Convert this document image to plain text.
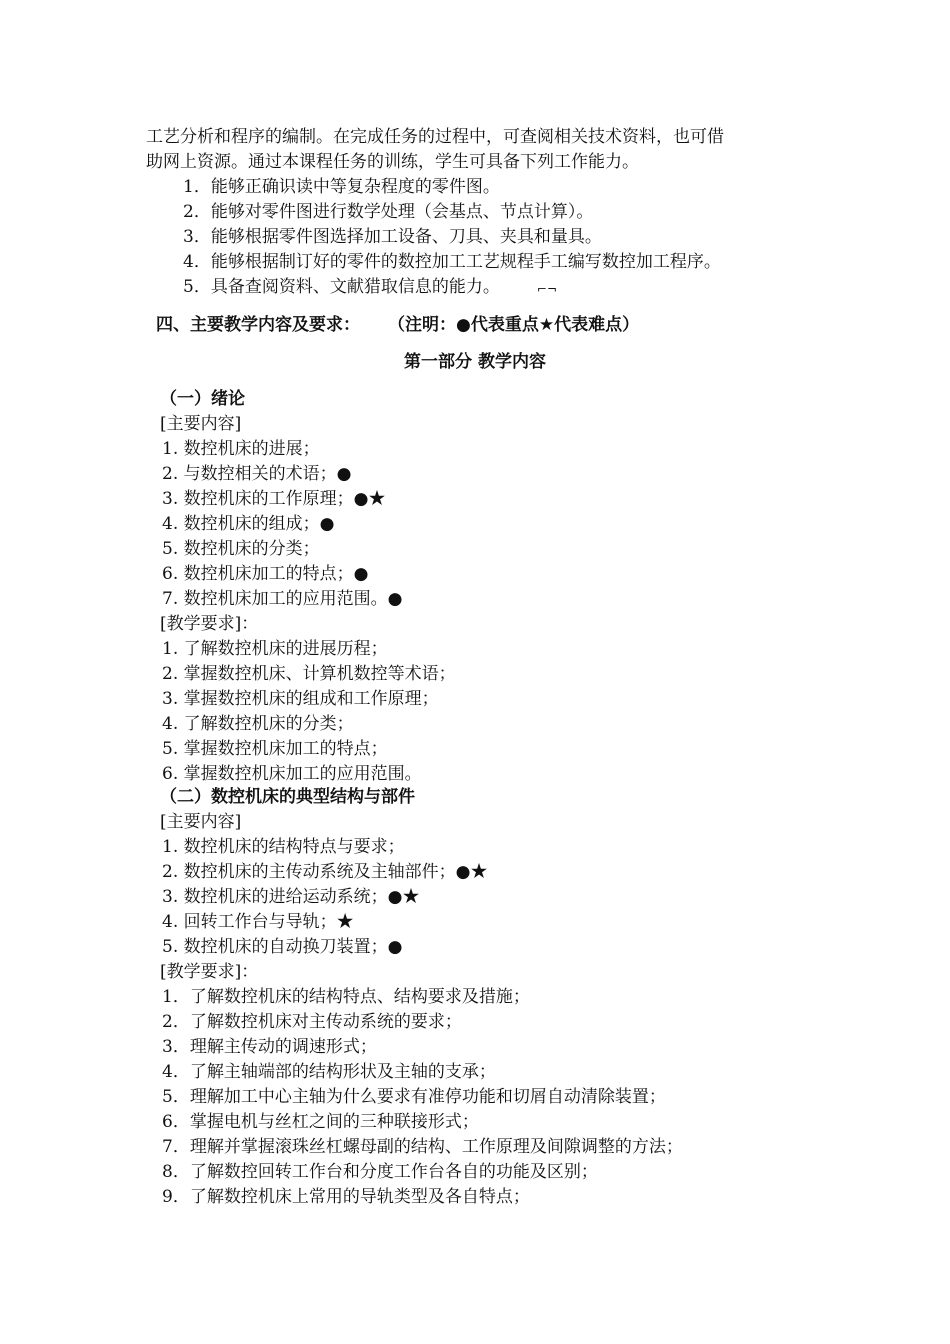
工艺分析和程序的编制。在完成任务的过程中，可查阅相关技术资料，也可借
助网上资源。通过本课程任务的训练，学生可具备下列工作能力。
1．能够正确识读中等复杂程度的零件图。
2．能够对零件图进行数学处理（会基点、节点计算）。
3．能够根据零件图选择加工设备、刀具、夹具和量具。
4．能够根据制订好的零件的数控加工工艺规程手工编写数控加工程序。
5．具备查阅资料、文献猎取信息的能力。	⌐¬
四、主要教学内容及要求： （注明：●代表重点★代表难点）
第一部分 教学内容
（一）绪论
[主要内容]
1. 数控机床的进展；
2. 与数控相关的术语；●
3. 数控机床的工作原理；●★
4. 数控机床的组成；●
5. 数控机床的分类；
6. 数控机床加工的特点；●
7. 数控机床加工的应用范围。●
[教学要求]：
1. 了解数控机床的进展历程；
2. 掌握数控机床、计算机数控等术语；
3. 掌握数控机床的组成和工作原理；
4. 了解数控机床的分类；
5. 掌握数控机床加工的特点；
6. 掌握数控机床加工的应用范围。
（二）数控机床的典型结构与部件
[主要内容]
1. 数控机床的结构特点与要求；
2. 数控机床的主传动系统及主轴部件；●★
3. 数控机床的进给运动系统；●★
4. 回转工作台与导轨；★
5. 数控机床的自动换刀装置；●
[教学要求]：
1．了解数控机床的结构特点、结构要求及措施；
2．了解数控机床对主传动系统的要求；
3．理解主传动的调速形式；
4．了解主轴端部的结构形状及主轴的支承；
5．理解加工中心主轴为什么要求有准停功能和切屑自动清除装置；
6．掌握电机与丝杠之间的三种联接形式；
7．理解并掌握滚珠丝杠螺母副的结构、工作原理及间隙调整的方法；
8．了解数控回转工作台和分度工作台各自的功能及区别；
9．了解数控机床上常用的导轨类型及各自特点；
